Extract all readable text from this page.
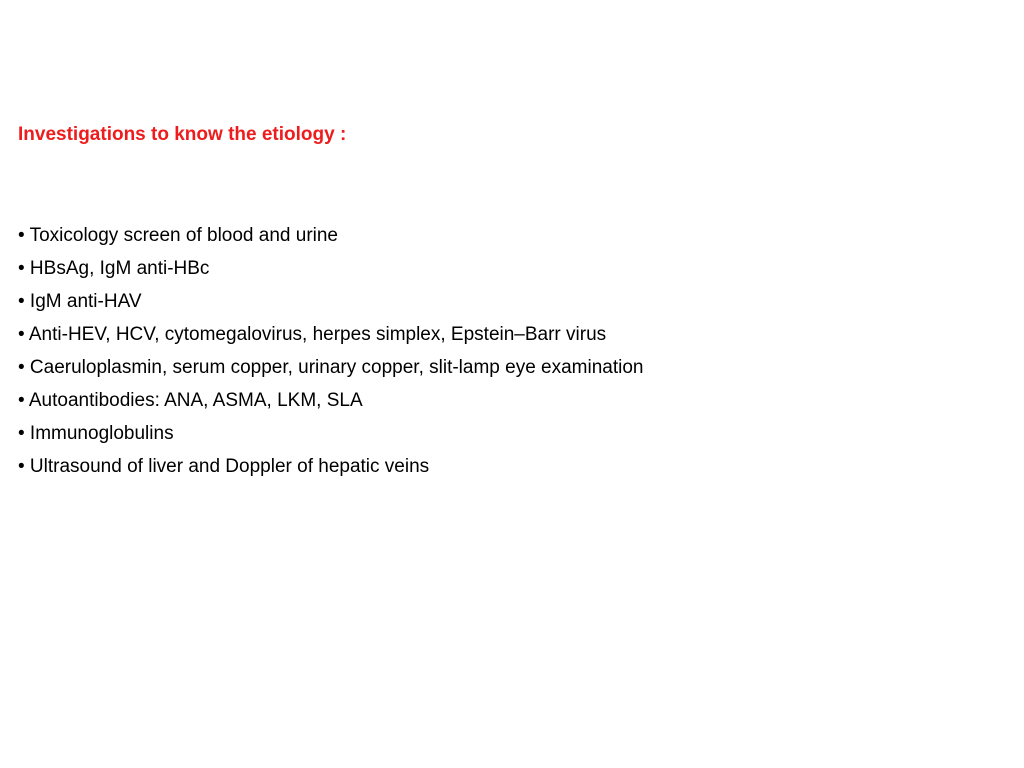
Investigations to know the etiology :
• Toxicology screen of blood and urine
• HBsAg, IgM anti-HBc
• IgM anti-HAV
• Anti-HEV, HCV, cytomegalovirus, herpes simplex, Epstein–Barr virus
• Caeruloplasmin, serum copper, urinary copper, slit-lamp eye examination
• Autoantibodies: ANA, ASMA, LKM, SLA
• Immunoglobulins
• Ultrasound of liver and Doppler of hepatic veins
